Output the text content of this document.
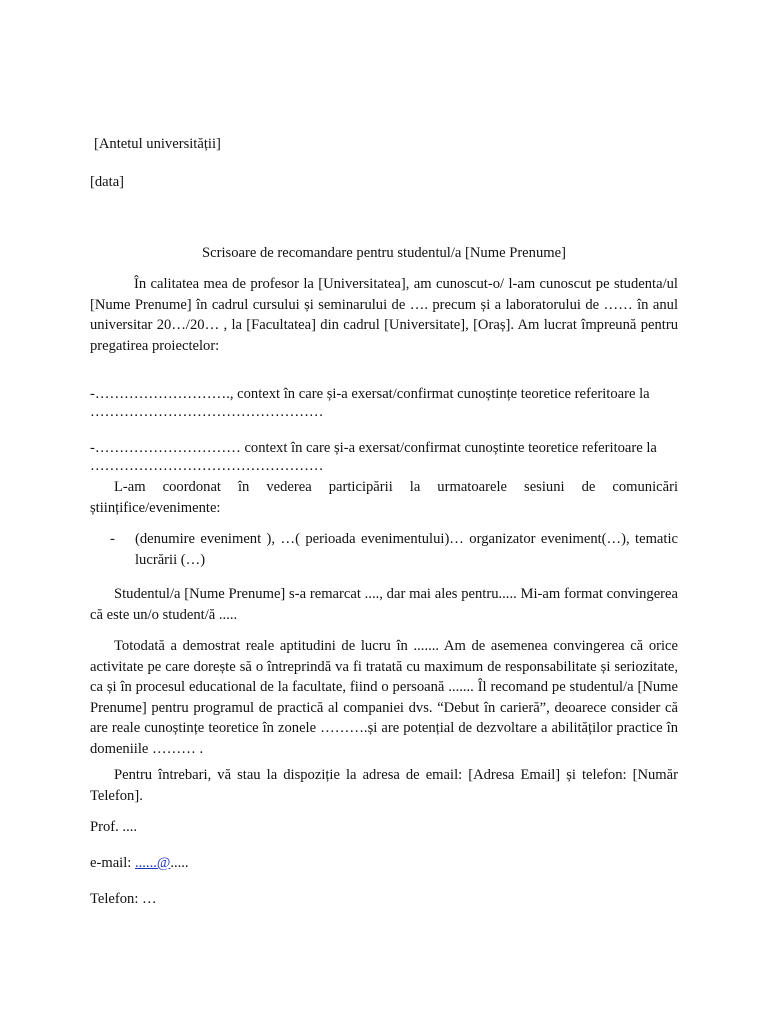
[Antetul universității]

[data]

Scrisoare de recomandare pentru studentul/a [Nume Prenume]

În calitatea mea de profesor la [Universitatea], am cunoscut-o/ l-am cunoscut pe studenta/ul [Nume Prenume] în cadrul cursului și seminarului de …. precum și a laboratorului de …… în anul universitar 20…/20… , la [Facultatea] din cadrul [Universitate], [Oraș]. Am lucrat împreună pentru pregatirea proiectelor:

-………………………., context în care și-a exersat/confirmat cunoștințe teoretice referitoare la

…………………………………………

-………………………… context în care și-a exersat/confirmat cunoștinte teoretice referitoare la

…………………………………………

L-am coordonat în vederea participării la urmatoarele sesiuni de comunicări științifice/evenimente:

- (denumire eveniment ), …( perioada evenimentului)… organizator eveniment(…), tematic lucrării (…)

Studentul/a [Nume Prenume] s-a remarcat ...., dar mai ales pentru..... Mi-am format convingerea că este un/o student/ă .....

Totodată a demostrat reale aptitudini de lucru în ....... Am de asemenea convingerea că orice activitate pe care dorește să o întreprindă va fi tratată cu maximum de responsabilitate și seriozitate, ca și în procesul educational de la facultate, fiind o persoană ....... Îl recomand pe studentul/a [Nume Prenume] pentru programul de practică al companiei dvs. “Debut în carieră”, deoarece consider că are reale cunoștințe teoretice în zonele ……….și are potențial de dezvoltare a abilităților practice în domeniile ……… .

Pentru întrebari, vă stau la dispoziție la adresa de email: [Adresa Email] și telefon: [Număr Telefon].

Prof. ....

e-mail: ......@.....

Telefon: …
